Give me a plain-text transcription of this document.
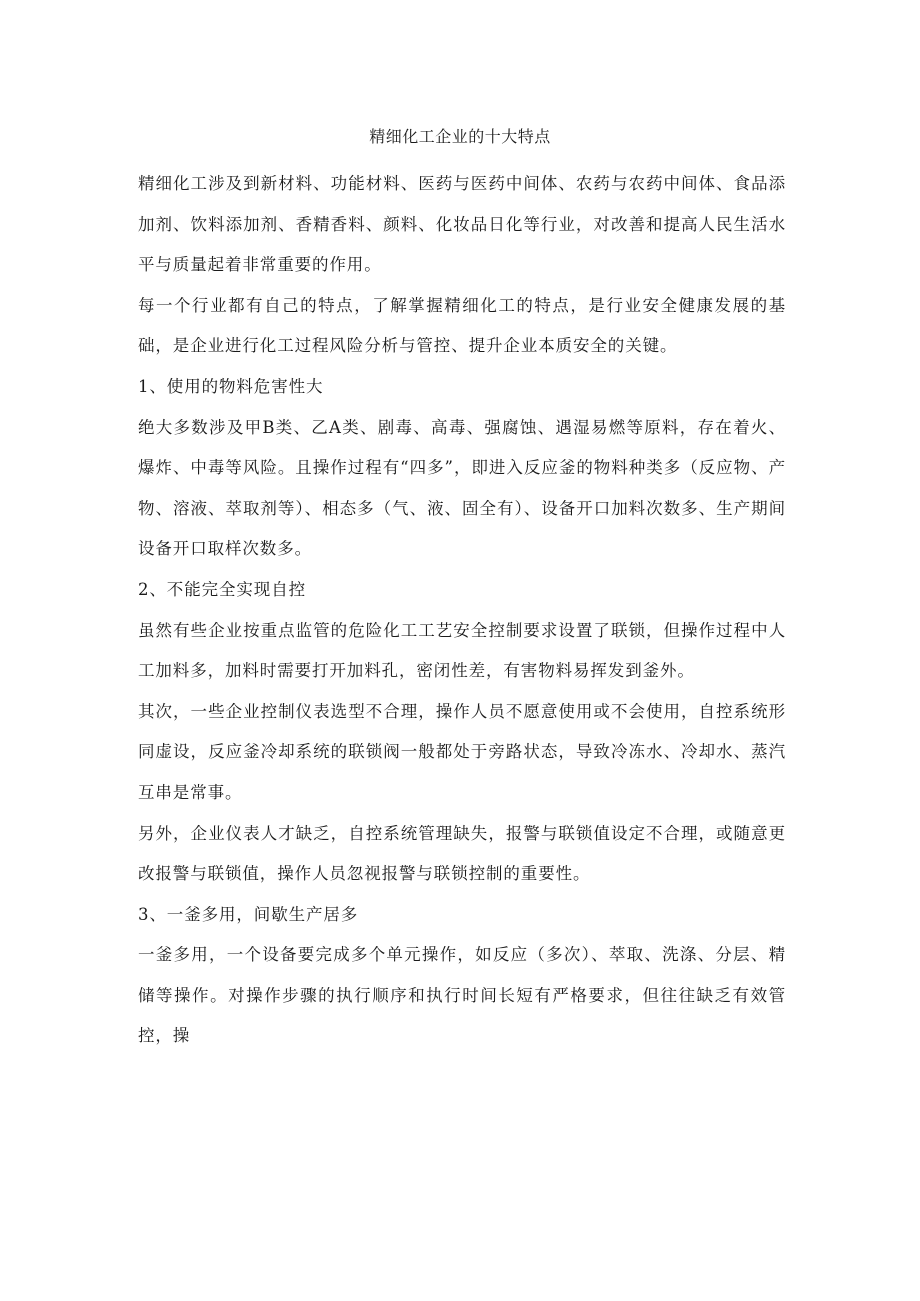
精细化工企业的十大特点

精细化工涉及到新材料、功能材料、医药与医药中间体、农药与农药中间体、食品添加剂、饮料添加剂、香精香料、颜料、化妆品日化等行业，对改善和提高人民生活水平与质量起着非常重要的作用。

每一个行业都有自己的特点，了解掌握精细化工的特点，是行业安全健康发展的基础，是企业进行化工过程风险分析与管控、提升企业本质安全的关键。

1、使用的物料危害性大

绝大多数涉及甲B类、乙A类、剧毒、高毒、强腐蚀、遇湿易燃等原料，存在着火、爆炸、中毒等风险。且操作过程有“四多”，即进入反应釜的物料种类多（反应物、产物、溶液、萃取剂等）、相态多（气、液、固全有）、设备开口加料次数多、生产期间设备开口取样次数多。

2、不能完全实现自控

虽然有些企业按重点监管的危险化工工艺安全控制要求设置了联锁，但操作过程中人工加料多，加料时需要打开加料孔，密闭性差，有害物料易挥发到釜外。

其次，一些企业控制仪表选型不合理，操作人员不愿意使用或不会使用，自控系统形同虚设，反应釜冷却系统的联锁阀一般都处于旁路状态，导致冷冻水、冷却水、蒸汽互串是常事。

另外，企业仪表人才缺乏，自控系统管理缺失，报警与联锁值设定不合理，或随意更改报警与联锁值，操作人员忽视报警与联锁控制的重要性。

3、一釜多用，间歇生产居多

一釜多用，一个设备要完成多个单元操作，如反应（多次）、萃取、洗涤、分层、精储等操作。对操作步骤的执行顺序和执行时间长短有严格要求，但往往缺乏有效管控，操
